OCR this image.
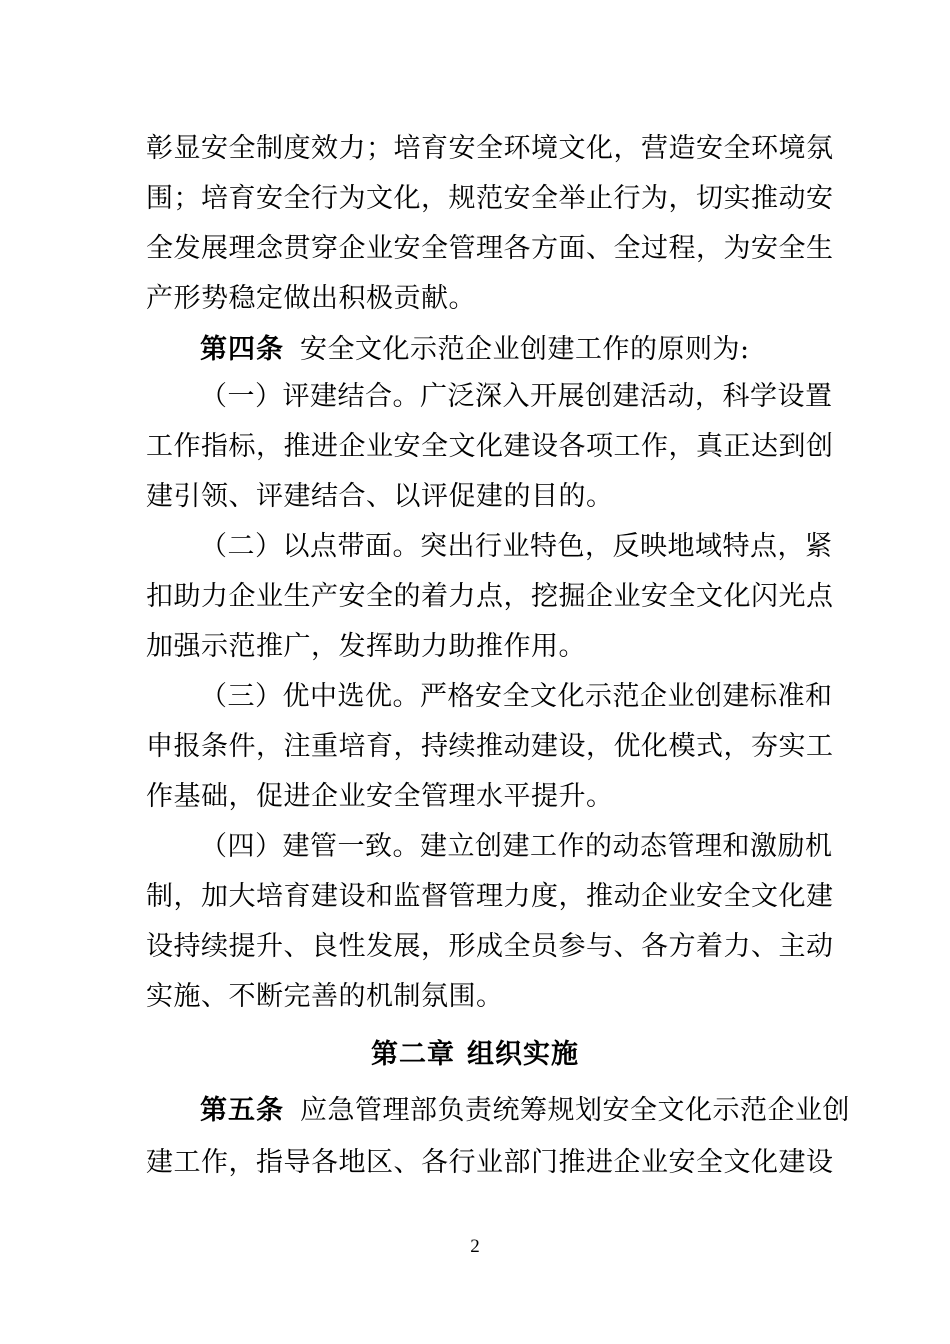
彰显安全制度效力；培育安全环境文化，营造安全环境氛
围；培育安全行为文化，规范安全举止行为，切实推动安
全发展理念贯穿企业安全管理各方面、全过程，为安全生
产形势稳定做出积极贡献。
第四条 安全文化示范企业创建工作的原则为:
（一）评建结合。广泛深入开展创建活动，科学设置
工作指标，推进企业安全文化建设各项工作，真正达到创
建引领、评建结合、以评促建的目的。
（二）以点带面。突出行业特色，反映地域特点，紧
扣助力企业生产安全的着力点，挖掘企业安全文化闪光点
加强示范推广，发挥助力助推作用。
（三）优中选优。严格安全文化示范企业创建标准和
申报条件，注重培育，持续推动建设，优化模式，夯实工
作基础，促进企业安全管理水平提升。
（四）建管一致。建立创建工作的动态管理和激励机
制，加大培育建设和监督管理力度，推动企业安全文化建
设持续提升、良性发展，形成全员参与、各方着力、主动
实施、不断完善的机制氛围。
第二章 组织实施
第五条 应急管理部负责统筹规划安全文化示范企业创
建工作，指导各地区、各行业部门推进企业安全文化建设
2
